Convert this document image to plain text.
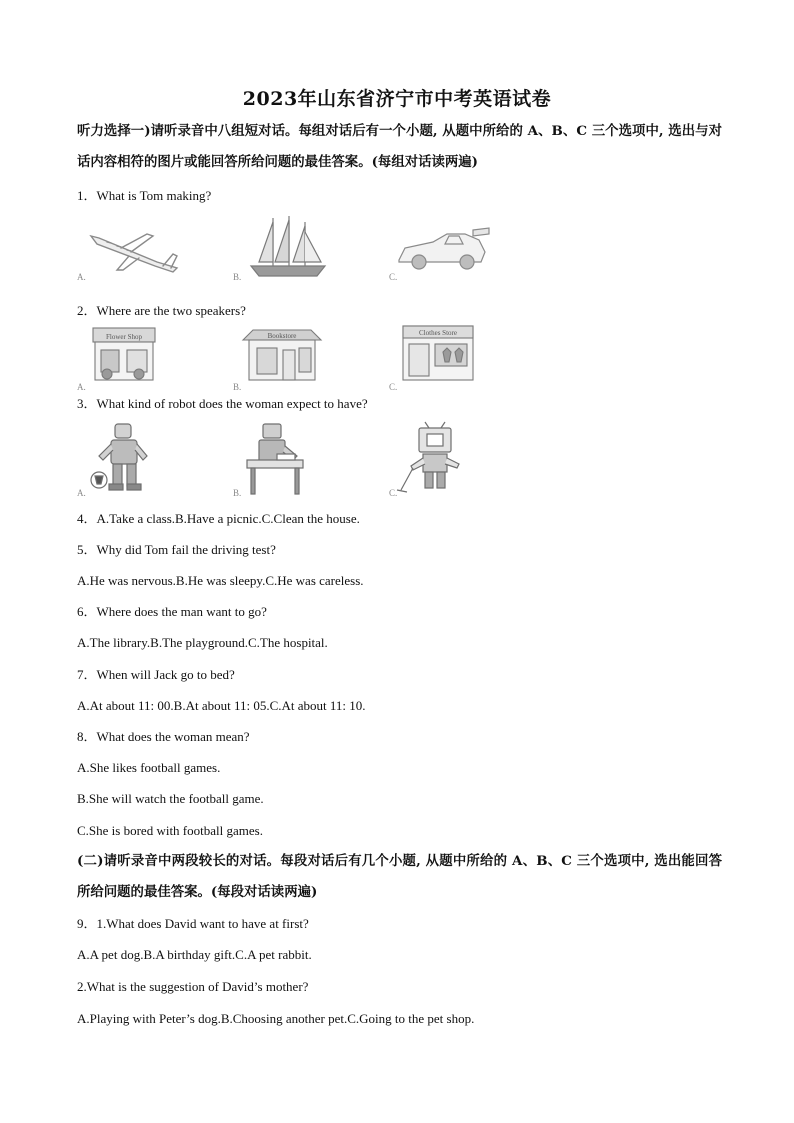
2023年山东省济宁市中考英语试卷
听力选择一)请听录音中八组短对话。每组对话后有一个小题, 从题中所给的 A、B、C 三个选项中, 选出与对话内容相符的图片或能回答所给问题的最佳答案。(每组对话读两遍)
1．What is Tom making?
A.	B.	C.
2．Where are the two speakers?
Flower Shop
A.
Bookstore
B.
Clothes Store
C.
3．What kind of robot does the woman expect to have?
A.	B.	C.
4．A.Take a class.B.Have a picnic.C.Clean the house.
5．Why did Tom fail the driving test?
A.He was nervous.B.He was sleepy.C.He was careless.
6．Where does the man want to go?
A.The library.B.The playground.C.The hospital.
7．When will Jack go to bed?
A.At about 11: 00.B.At about 11: 05.C.At about 11: 10.
8．What does the woman mean?
A.She likes football games.
B.She will watch the football game.
C.She is bored with football games.
(二)请听录音中两段较长的对话。每段对话后有几个小题, 从题中所给的 A、B、C 三个选项中, 选出能回答所给问题的最佳答案。(每段对话读两遍)
9．1.What does David want to have at first?
A.A pet dog.B.A birthday gift.C.A pet rabbit.
2.What is the suggestion of David’s mother?
A.Playing with Peter’s dog.B.Choosing another pet.C.Going to the pet shop.
